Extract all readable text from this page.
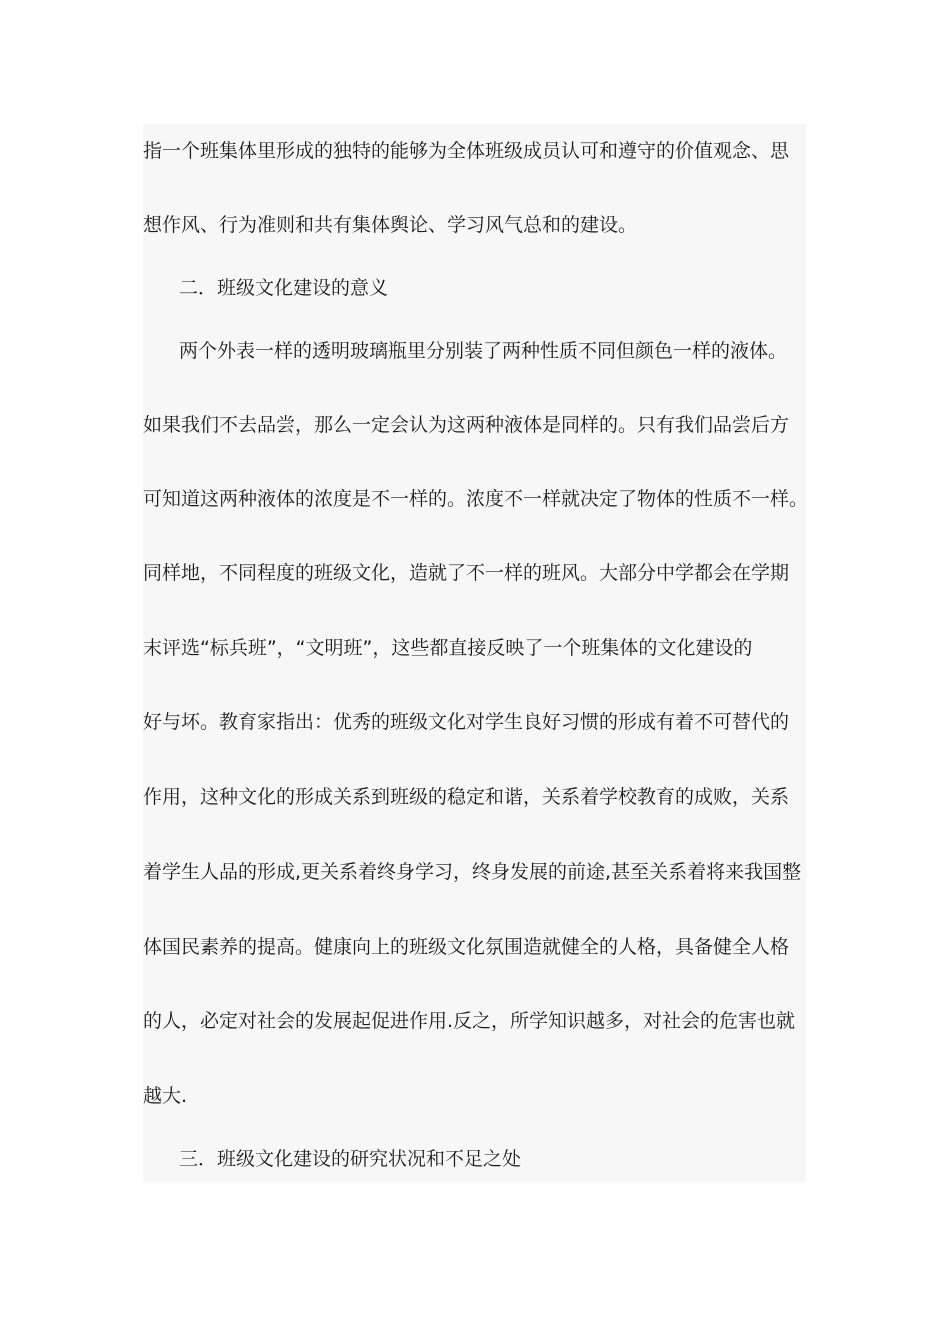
指一个班集体里形成的独特的能够为全体班级成员认可和遵守的价值观念、思
想作风、行为准则和共有集体舆论、学习风气总和的建设。
二．班级文化建设的意义
两个外表一样的透明玻璃瓶里分别装了两种性质不同但颜色一样的液体。
如果我们不去品尝，那么一定会认为这两种液体是同样的。只有我们品尝后方
可知道这两种液体的浓度是不一样的。浓度不一样就决定了物体的性质不一样。
同样地，不同程度的班级文化，造就了不一样的班风。大部分中学都会在学期
末评选“标兵班”，“文明班”，这些都直接反映了一个班集体的文化建设的
好与坏。教育家指出：优秀的班级文化对学生良好习惯的形成有着不可替代的
作用，这种文化的形成关系到班级的稳定和谐，关系着学校教育的成败，关系
着学生人品的形成,更关系着终身学习，终身发展的前途,甚至关系着将来我国整
体国民素养的提高。健康向上的班级文化氛围造就健全的人格，具备健全人格
的人，必定对社会的发展起促进作用.反之，所学知识越多，对社会的危害也就
越大.
三．班级文化建设的研究状况和不足之处
